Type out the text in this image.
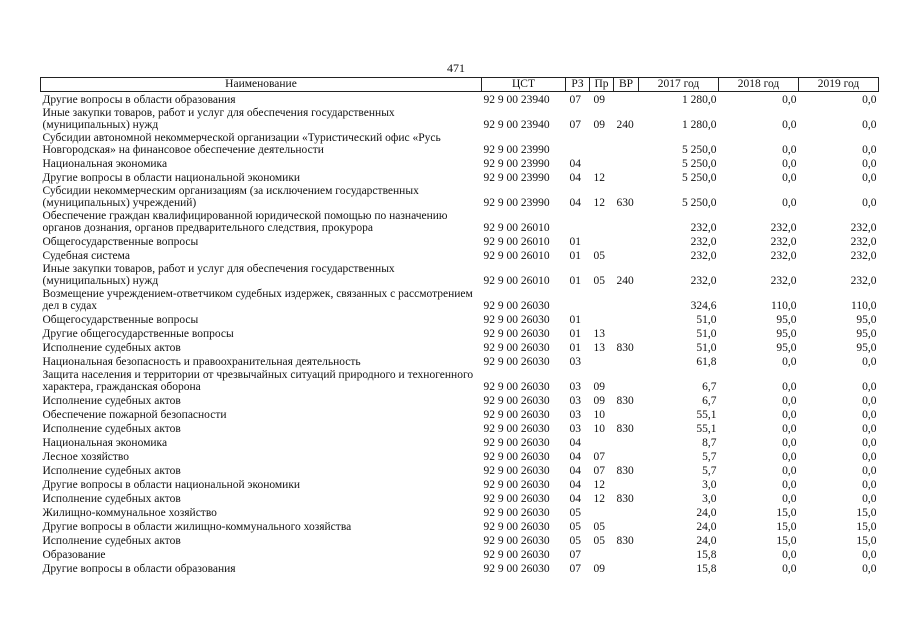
471
Наименование	ЦСТ	РЗ	Пр	ВР	2017 год	2018 год	2019 год
Другие вопросы в области образования	92 9 00 23940	07	09		1 280,0	0,0	0,0
Иные закупки товаров, работ и услуг для обеспечения государственных (муниципальных) нужд	92 9 00 23940	07	09	240	1 280,0	0,0	0,0
Субсидии автономной некоммерческой организации «Туристический офис «Русь Новгородская» на финансовое обеспечение деятельности	92 9 00 23990				5 250,0	0,0	0,0
Национальная экономика	92 9 00 23990	04			5 250,0	0,0	0,0
Другие вопросы в области национальной экономики	92 9 00 23990	04	12		5 250,0	0,0	0,0
Субсидии некоммерческим организациям (за исключением государственных (муниципальных) учреждений)	92 9 00 23990	04	12	630	5 250,0	0,0	0,0
Обеспечение граждан квалифицированной юридической помощью по назначению органов дознания, органов предварительного следствия, прокурора	92 9 00 26010				232,0	232,0	232,0
Общегосударственные вопросы	92 9 00 26010	01			232,0	232,0	232,0
Судебная система	92 9 00 26010	01	05		232,0	232,0	232,0
Иные закупки товаров, работ и услуг для обеспечения государственных (муниципальных) нужд	92 9 00 26010	01	05	240	232,0	232,0	232,0
Возмещение учреждением-ответчиком судебных издержек, связанных с рассмотрением дел в судах	92 9 00 26030				324,6	110,0	110,0
Общегосударственные вопросы	92 9 00 26030	01			51,0	95,0	95,0
Другие общегосударственные вопросы	92 9 00 26030	01	13		51,0	95,0	95,0
Исполнение судебных актов	92 9 00 26030	01	13	830	51,0	95,0	95,0
Национальная безопасность и правоохранительная деятельность	92 9 00 26030	03			61,8	0,0	0,0
Защита населения и территории от чрезвычайных ситуаций природного и техногенного характера, гражданская оборона	92 9 00 26030	03	09		6,7	0,0	0,0
Исполнение судебных актов	92 9 00 26030	03	09	830	6,7	0,0	0,0
Обеспечение пожарной безопасности	92 9 00 26030	03	10		55,1	0,0	0,0
Исполнение судебных актов	92 9 00 26030	03	10	830	55,1	0,0	0,0
Национальная экономика	92 9 00 26030	04			8,7	0,0	0,0
Лесное хозяйство	92 9 00 26030	04	07		5,7	0,0	0,0
Исполнение судебных актов	92 9 00 26030	04	07	830	5,7	0,0	0,0
Другие вопросы в области национальной экономики	92 9 00 26030	04	12		3,0	0,0	0,0
Исполнение судебных актов	92 9 00 26030	04	12	830	3,0	0,0	0,0
Жилищно-коммунальное хозяйство	92 9 00 26030	05			24,0	15,0	15,0
Другие вопросы в области жилищно-коммунального хозяйства	92 9 00 26030	05	05		24,0	15,0	15,0
Исполнение судебных актов	92 9 00 26030	05	05	830	24,0	15,0	15,0
Образование	92 9 00 26030	07			15,8	0,0	0,0
Другие вопросы в области образования	92 9 00 26030	07	09		15,8	0,0	0,0
